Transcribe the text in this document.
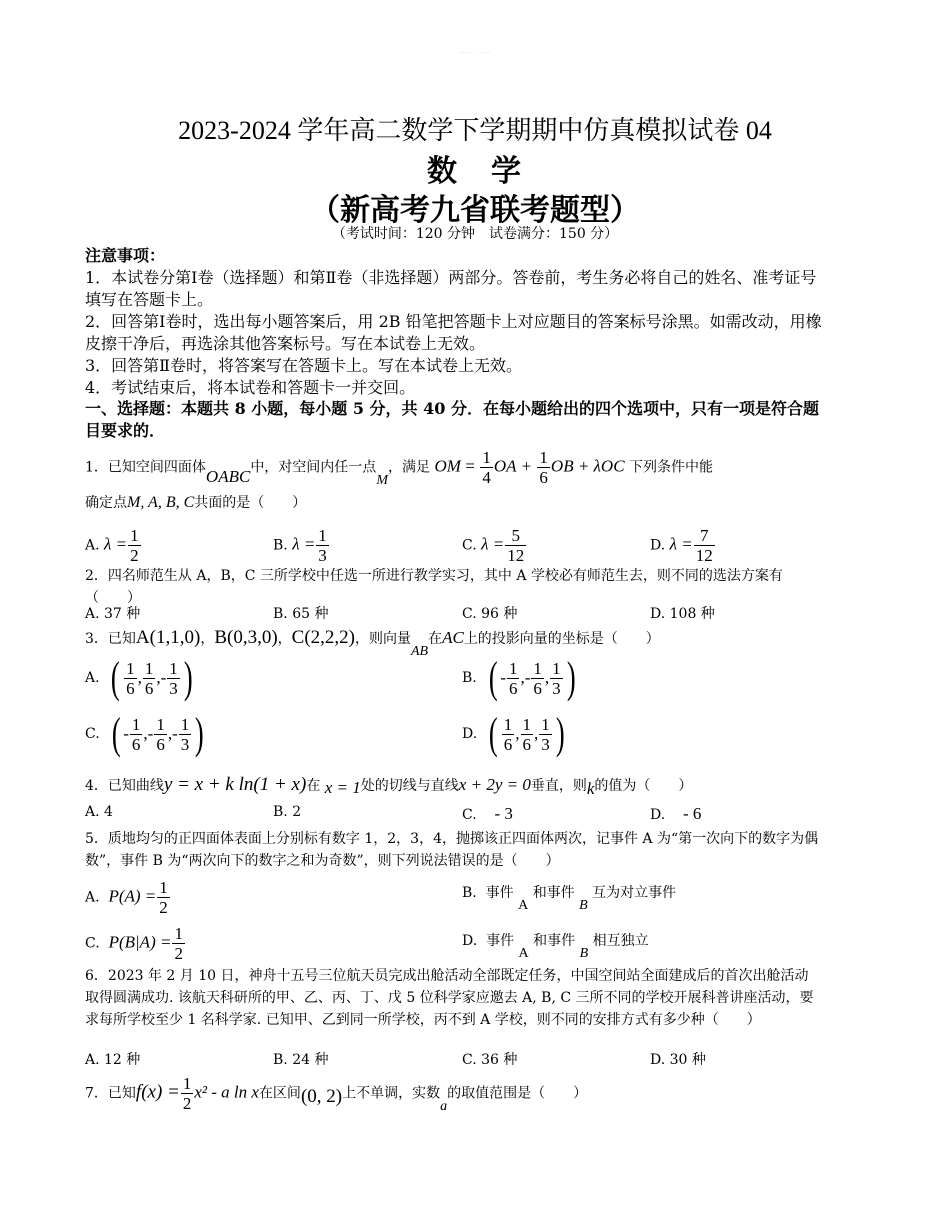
····· ·····
2023-2024 学年高二数学下学期期中仿真模拟试卷 04
数　学
（新高考九省联考题型）
（考试时间：120 分钟　试卷满分：150 分）
注意事项：
1．本试卷分第Ⅰ卷（选择题）和第Ⅱ卷（非选择题）两部分。答卷前，考生务必将自己的姓名、准考证号填写在答题卡上。
2．回答第Ⅰ卷时，选出每小题答案后，用 2B 铅笔把答题卡上对应题目的答案标号涂黑。如需改动，用橡皮擦干净后，再选涂其他答案标号。写在本试卷上无效。
3．回答第Ⅱ卷时，将答案写在答题卡上。写在本试卷上无效。
4．考试结束后，将本试卷和答题卡一并交回。
一、选择题：本题共 8 小题，每小题 5 分，共 40 分．在每小题给出的四个选项中，只有一项是符合题目要求的．
1．已知空间四面体OABC中，对空间内任一点M，满足 OM = $\frac{1}{4}$ OA + $\frac{1}{6}$ OB + λOC 下列条件中能
确定点M, A, B, C共面的是（　　）
A. $\lambda = \frac{1}{2}$	B. $\lambda = \frac{1}{3}$	C. $\lambda = \frac{5}{12}$	D. $\lambda = \frac{7}{12}$
2．四名师范生从 A，B，C 三所学校中任选一所进行教学实习，其中 A 学校必有师范生去，则不同的选法方案有（　　）
A. 37 种	B. 65 种	C. 96 种	D. 108 种
3．已知A(1,1,0)，B(0,3,0)，C(2,2,2)，则向量AB在AC上的投影向量的坐标是（　　）
A. ( $\frac{1}{6}$ , $\frac{1}{6}$ ,- $\frac{1}{3}$ )	B. ( - $\frac{1}{6}$ ,- $\frac{1}{6}$ , $\frac{1}{3}$ )
C. ( - $\frac{1}{6}$ ,- $\frac{1}{6}$ ,- $\frac{1}{3}$ )	D. ( $\frac{1}{6}$ , $\frac{1}{6}$ , $\frac{1}{3}$ )
4．已知曲线y = x + k ln(1 + x)在 x = 1处的切线与直线x + 2y = 0垂直，则k的值为（　　）
A. 4	B. 2	C. - 3	D. - 6
5．质地均匀的正四面体表面上分别标有数字 1，2，3，4，抛掷该正四面体两次，记事件 A 为“第一次向下的数字为偶数”，事件 B 为“两次向下的数字之和为奇数”，则下列说法错误的是（　　）
A. $P(A) = \frac{1}{2}$	B. 事件 A 和事件 B 互为对立事件
C. $P(B|A) = \frac{1}{2}$	D. 事件 A 和事件 B 相互独立
6．2023 年 2 月 10 日，神舟十五号三位航天员完成出舱活动全部既定任务，中国空间站全面建成后的首次出舱活动取得圆满成功. 该航天科研所的甲、乙、丙、丁、戊 5 位科学家应邀去 A, B, C 三所不同的学校开展科普讲座活动，要求每所学校至少 1 名科学家. 已知甲、乙到同一所学校，丙不到 A 学校，则不同的安排方式有多少种（　　）
A. 12 种	B. 24 种	C. 36 种	D. 30 种
7．已知$f(x) = \frac{1}{2} x^2 - a$ ln x在区间(0, 2)上不单调，实数a的取值范围是（　　）
